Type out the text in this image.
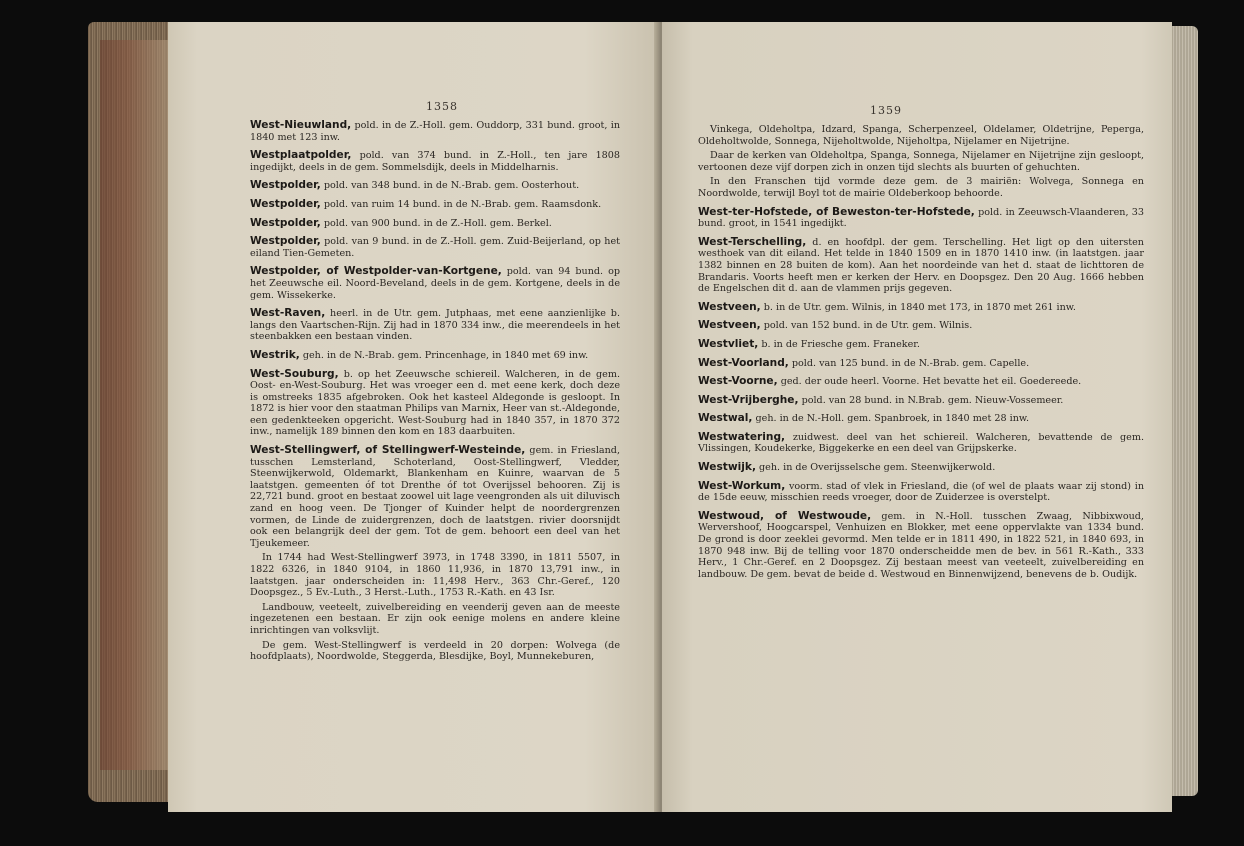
1358

West-Nieuwland, pold. in de Z.-Holl. gem. Ouddorp, 331 bund. groot, in 1840 met 123 inw.

Westplaatpolder, pold. van 374 bund. in Z.-Holl., ten jare 1808 ingedijkt, deels in de gem. Sommelsdijk, deels in Middelharnis.

Westpolder, pold. van 348 bund. in de N.-Brab. gem. Oosterhout.

Westpolder, pold. van ruim 14 bund. in de N.-Brab. gem. Raamsdonk.

Westpolder, pold. van 900 bund. in de Z.-Holl. gem. Berkel.

Westpolder, pold. van 9 bund. in de Z.-Holl. gem. Zuid-Beijerland, op het eiland Tien-Gemeten.

Westpolder, of Westpolder-van-Kortgene, pold. van 94 bund. op het Zeeuwsche eil. Noord-Beveland, deels in de gem. Kortgene, deels in de gem. Wissekerke.

West-Raven, heerl. in de Utr. gem. Jutphaas, met eene aanzienlijke b. langs den Vaartschen-Rijn. Zij had in 1870 334 inw., die meerendeels in het steenbakken een bestaan vinden.

Westrik, geh. in de N.-Brab. gem. Princenhage, in 1840 met 69 inw.

West-Souburg, b. op het Zeeuwsche schiereil. Walcheren, in de gem. Oost- en-West-Souburg. Het was vroeger een d. met eene kerk, doch deze is omstreeks 1835 afgebroken. Ook het kasteel Aldegonde is gesloopt. In 1872 is hier voor den staatman Philips van Marnix, Heer van st.-Aldegonde, een gedenkteeken opgericht. West-Souburg had in 1840 357, in 1870 372 inw., namelijk 189 binnen den kom en 183 daarbuiten.

West-Stellingwerf, of Stellingwerf-Westeinde, gem. in Friesland, tusschen Lemsterland, Schoterland, Oost-Stellingwerf, Vledder, Steenwijkerwold, Oldemarkt, Blankenham en Kuinre, waarvan de 5 laatstgen. gemeenten óf tot Drenthe óf tot Overijssel behooren. Zij is 22,721 bund. groot en bestaat zoowel uit lage veengronden als uit diluvisch zand en hoog veen. De Tjonger of Kuinder helpt de noordergrenzen vormen, de Linde de zuidergrenzen, doch de laatstgen. rivier doorsnijdt ook een belangrijk deel der gem. Tot de gem. behoort een deel van het Tjeukemeer.

In 1744 had West-Stellingwerf 3973, in 1748 3390, in 1811 5507, in 1822 6326, in 1840 9104, in 1860 11,936, in 1870 13,791 inw., in laatstgen. jaar onderscheiden in: 11,498 Herv., 363 Chr.-Geref., 120 Doopsgez., 5 Ev.-Luth., 3 Herst.-Luth., 1753 R.-Kath. en 43 Isr.

Landbouw, veeteelt, zuivelbereiding en veenderij geven aan de meeste ingezetenen een bestaan. Er zijn ook eenige molens en andere kleine inrichtingen van volksvlijt.

De gem. West-Stellingwerf is verdeeld in 20 dorpen: Wolvega (de hoofdplaats), Noordwolde, Steggerda, Blesdijke, Boyl, Munnekeburen,

1359

Vinkega, Oldeholtpa, Idzard, Spanga, Scherpenzeel, Oldelamer, Oldetrijne, Peperga, Oldeholtwolde, Sonnega, Nijeholtwolde, Nijeholtpa, Nijelamer en Nijetrijne.

Daar de kerken van Oldeholtpa, Spanga, Sonnega, Nijelamer en Nijetrijne zijn gesloopt, vertoonen deze vijf dorpen zich in onzen tijd slechts als buurten of gehuchten.

In den Franschen tijd vormde deze gem. de 3 mairiën: Wolvega, Sonnega en Noordwolde, terwijl Boyl tot de mairie Oldeberkoop behoorde.

West-ter-Hofstede, of Beweston-ter-Hofstede, pold. in Zeeuwsch-Vlaanderen, 33 bund. groot, in 1541 ingedijkt.

West-Terschelling, d. en hoofdpl. der gem. Terschelling. Het ligt op den uitersten westhoek van dit eiland. Het telde in 1840 1509 en in 1870 1410 inw. (in laatstgen. jaar 1382 binnen en 28 buiten de kom). Aan het noordeinde van het d. staat de lichttoren de Brandaris. Voorts heeft men er kerken der Herv. en Doopsgez. Den 20 Aug. 1666 hebben de Engelschen dit d. aan de vlammen prijs gegeven.

Westveen, b. in de Utr. gem. Wilnis, in 1840 met 173, in 1870 met 261 inw.

Westveen, pold. van 152 bund. in de Utr. gem. Wilnis.

Westvliet, b. in de Friesche gem. Franeker.

West-Voorland, pold. van 125 bund. in de N.-Brab. gem. Capelle.

West-Voorne, ged. der oude heerl. Voorne. Het bevatte het eil. Goedereede.

West-Vrijberghe, pold. van 28 bund. in N.Brab. gem. Nieuw-Vossemeer.

Westwal, geh. in de N.-Holl. gem. Spanbroek, in 1840 met 28 inw.

Westwatering, zuidwest. deel van het schiereil. Walcheren, bevattende de gem. Vlissingen, Koudekerke, Biggekerke en een deel van Grijpskerke.

Westwijk, geh. in de Overijsselsche gem. Steenwijkerwold.

West-Workum, voorm. stad of vlek in Friesland, die (of wel de plaats waar zij stond) in de 15de eeuw, misschien reeds vroeger, door de Zuiderzee is overstelpt.

Westwoud, of Westwoude, gem. in N.-Holl. tusschen Zwaag, Nibbixwoud, Wervershoof, Hoogcarspel, Venhuizen en Blokker, met eene oppervlakte van 1334 bund. De grond is door zeeklei gevormd. Men telde er in 1811 490, in 1822 521, in 1840 693, in 1870 948 inw. Bij de telling voor 1870 onderscheidde men de bev. in 561 R.-Kath., 333 Herv., 1 Chr.-Geref. en 2 Doopsgez. Zij bestaan meest van veeteelt, zuivelbereiding en landbouw. De gem. bevat de beide d. Westwoud en Binnenwijzend, benevens de b. Oudijk.
